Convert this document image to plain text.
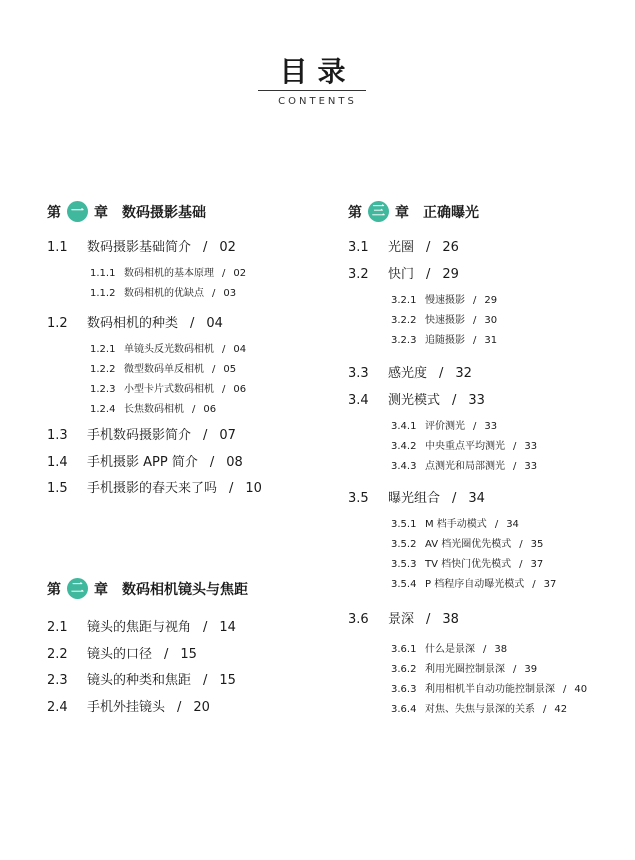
目录
CONTENTS
第 一 章 数码摄影基础
1.1 数码摄影基础简介 / 02
1.1.1 数码相机的基本原理 / 02
1.1.2 数码相机的优缺点 / 03
1.2 数码相机的种类 / 04
1.2.1 单镜头反光数码相机 / 04
1.2.2 微型数码单反相机 / 05
1.2.3 小型卡片式数码相机 / 06
1.2.4 长焦数码相机 / 06
1.3 手机数码摄影简介 / 07
1.4 手机摄影 APP 简介 / 08
1.5 手机摄影的春天来了吗 / 10
第 二 章 数码相机镜头与焦距
2.1 镜头的焦距与视角 / 14
2.2 镜头的口径 / 15
2.3 镜头的种类和焦距 / 15
2.4 手机外挂镜头 / 20
第 三 章 正确曝光
3.1 光圈 / 26
3.2 快门 / 29
3.2.1 慢速摄影 / 29
3.2.2 快速摄影 / 30
3.2.3 追随摄影 / 31
3.3 感光度 / 32
3.4 测光模式 / 33
3.4.1 评价测光 / 33
3.4.2 中央重点平均测光 / 33
3.4.3 点测光和局部测光 / 33
3.5 曝光组合 / 34
3.5.1 M 档手动模式 / 34
3.5.2 AV 档光圈优先模式 / 35
3.5.3 TV 档快门优先模式 / 37
3.5.4 P 档程序自动曝光模式 / 37
3.6 景深 / 38
3.6.1 什么是景深 / 38
3.6.2 利用光圈控制景深 / 39
3.6.3 利用相机半自动功能控制景深 / 40
3.6.4 对焦、失焦与景深的关系 / 42
